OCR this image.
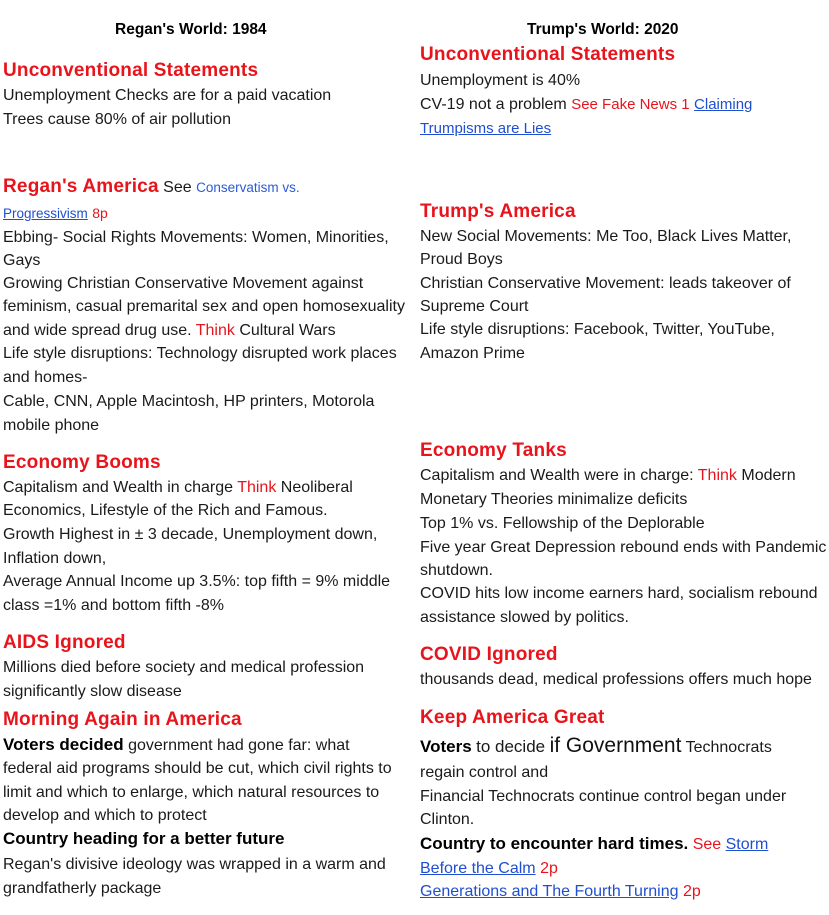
Regan's World: 1984
Unconventional Statements
Unemployment Checks are for a paid vacation
Trees cause 80% of air pollution
Regan's America See Conservatism vs.
Progressivism 8p
Ebbing- Social Rights Movements: Women, Minorities,
Gays
Growing Christian Conservative Movement against
feminism, casual premarital sex and open homosexuality
and wide spread drug use. Think Cultural Wars
Life style disruptions: Technology disrupted work places
and homes-
Cable, CNN, Apple Macintosh, HP printers, Motorola
mobile phone
Economy Booms
Capitalism and Wealth in charge Think Neoliberal
Economics, Lifestyle of the Rich and Famous.
Growth Highest in ± 3 decade, Unemployment down,
Inflation down,
Average Annual Income up 3.5%: top fifth = 9% middle
class =1% and bottom fifth -8%
AIDS Ignored
Millions died before society and medical profession
significantly slow disease
Morning Again in America
Voters decided government had gone far: what
federal aid programs should be cut, which civil rights to
limit and which to enlarge, which natural resources to
develop and which to protect
Country heading for a better future
Regan's divisive ideology was wrapped in a warm and
grandfatherly package
Trump's World: 2020
Unconventional Statements
Unemployment is 40%
CV-19 not a problem See Fake News 1 Claiming
Trumpisms are Lies
Trump's America
New Social Movements: Me Too, Black Lives Matter,
Proud Boys
Christian Conservative Movement: leads takeover of
Supreme Court
Life style disruptions: Facebook, Twitter, YouTube,
Amazon Prime
Economy Tanks
Capitalism and Wealth were in charge: Think Modern
Monetary Theories minimalize deficits
Top 1% vs. Fellowship of the Deplorable
Five year Great Depression rebound ends with Pandemic
shutdown.
COVID hits low income earners hard, socialism rebound
assistance slowed by politics.
COVID Ignored
thousands dead, medical professions offers much hope
Keep America Great
Voters to decide if Government Technocrats
regain control and
Financial Technocrats continue control began under
Clinton.
Country to encounter hard times. See Storm
Before the Calm 2p
Generations and The Fourth Turning 2p
